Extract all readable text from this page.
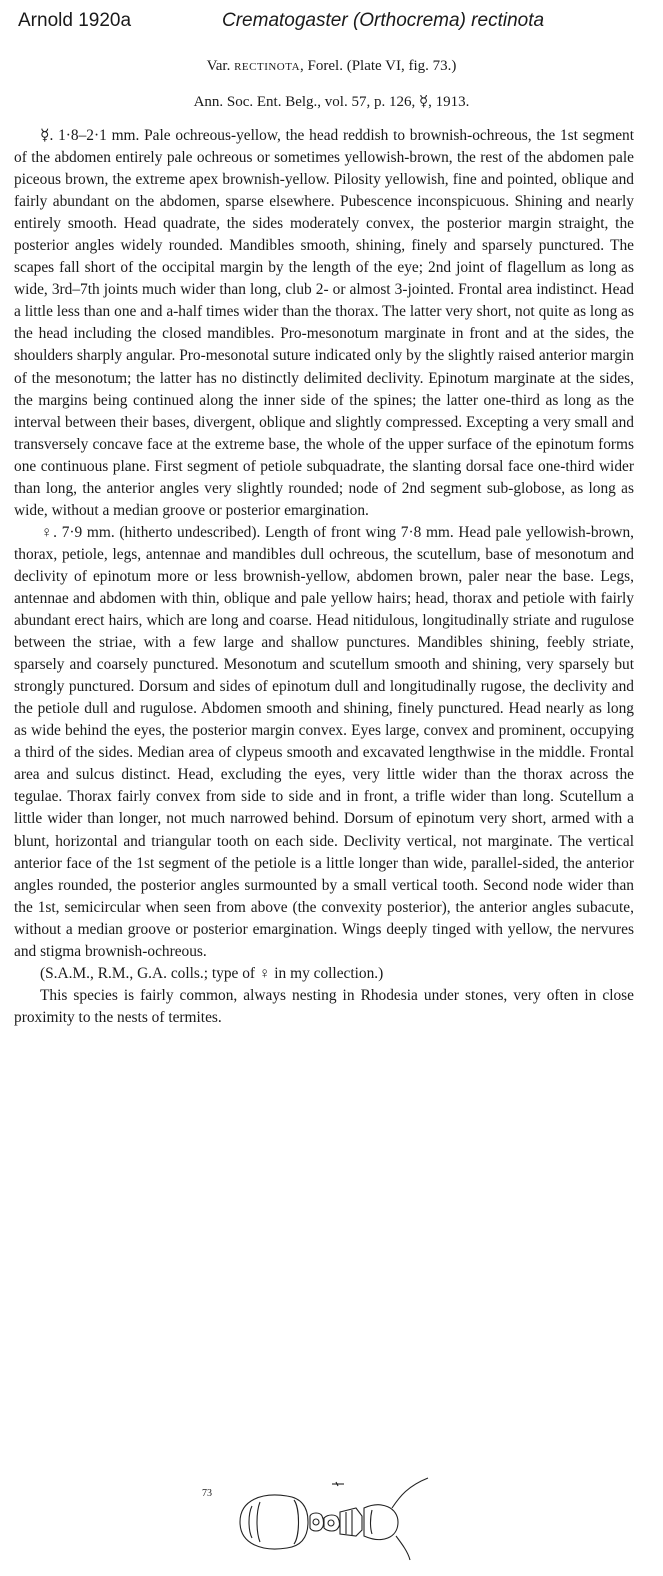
Arnold 1920a	Crematogaster (Orthocrema) rectinota
Var. rectinota, Forel. (Plate VI, fig. 73.)
Ann. Soc. Ent. Belg., vol. 57, p. 126, ☿, 1913.

☿. 1·8–2·1 mm. Pale ochreous-yellow, the head reddish to brownish-ochreous, the 1st segment of the abdomen entirely pale ochreous or sometimes yellowish-brown, the rest of the abdomen pale piceous brown, the extreme apex brownish-yellow. Pilosity yellowish, fine and pointed, oblique and fairly abundant on the abdomen, sparse elsewhere. Pubescence inconspicuous. Shining and nearly entirely smooth. Head quadrate, the sides moderately convex, the posterior margin straight, the posterior angles widely rounded. Mandibles smooth, shining, finely and sparsely punctured. The scapes fall short of the occipital margin by the length of the eye; 2nd joint of flagellum as long as wide, 3rd–7th joints much wider than long, club 2- or almost 3-jointed. Frontal area indistinct. Head a little less than one and a-half times wider than the thorax. The latter very short, not quite as long as the head including the closed mandibles. Pro-mesonotum marginate in front and at the sides, the shoulders sharply angular. Pro-mesonotal suture indicated only by the slightly raised anterior margin of the mesonotum; the latter has no distinctly delimited declivity. Epinotum marginate at the sides, the margins being continued along the inner side of the spines; the latter one-third as long as the interval between their bases, divergent, oblique and slightly compressed. Excepting a very small and transversely concave face at the extreme base, the whole of the upper surface of the epinotum forms one continuous plane. First segment of petiole subquadrate, the slanting dorsal face one-third wider than long, the anterior angles very slightly rounded; node of 2nd segment sub-globose, as long as wide, without a median groove or posterior emargination.

♀. 7·9 mm. (hitherto undescribed). Length of front wing 7·8 mm. Head pale yellowish-brown, thorax, petiole, legs, antennae and mandibles dull ochreous, the scutellum, base of mesonotum and declivity of epinotum more or less brownish-yellow, abdomen brown, paler near the base. Legs, antennae and abdomen with thin, oblique and pale yellow hairs; head, thorax and petiole with fairly abundant erect hairs, which are long and coarse. Head nitidulous, longitudinally striate and rugulose between the striae, with a few large and shallow punctures. Mandibles shining, feebly striate, sparsely and coarsely punctured. Mesonotum and scutellum smooth and shining, very sparsely but strongly punctured. Dorsum and sides of epinotum dull and longitudinally rugose, the declivity and the petiole dull and rugulose. Abdomen smooth and shining, finely punctured. Head nearly as long as wide behind the eyes, the posterior margin convex. Eyes large, convex and prominent, occupying a third of the sides. Median area of clypeus smooth and excavated lengthwise in the middle. Frontal area and sulcus distinct. Head, excluding the eyes, very little wider than the thorax across the tegulae. Thorax fairly convex from side to side and in front, a trifle wider than long. Scutellum a little wider than longer, not much narrowed behind. Dorsum of epinotum very short, armed with a blunt, horizontal and triangular tooth on each side. Declivity vertical, not marginate. The vertical anterior face of the 1st segment of the petiole is a little longer than wide, parallel-sided, the anterior angles rounded, the posterior angles surmounted by a small vertical tooth. Second node wider than the 1st, semicircular when seen from above (the convexity posterior), the anterior angles subacute, without a median groove or posterior emargination. Wings deeply tinged with yellow, the nervures and stigma brownish-ochreous.

(S.A.M., R.M., G.A. colls.; type of ♀ in my collection.)

This species is fairly common, always nesting in Rhodesia under stones, very often in close proximity to the nests of termites.

73
